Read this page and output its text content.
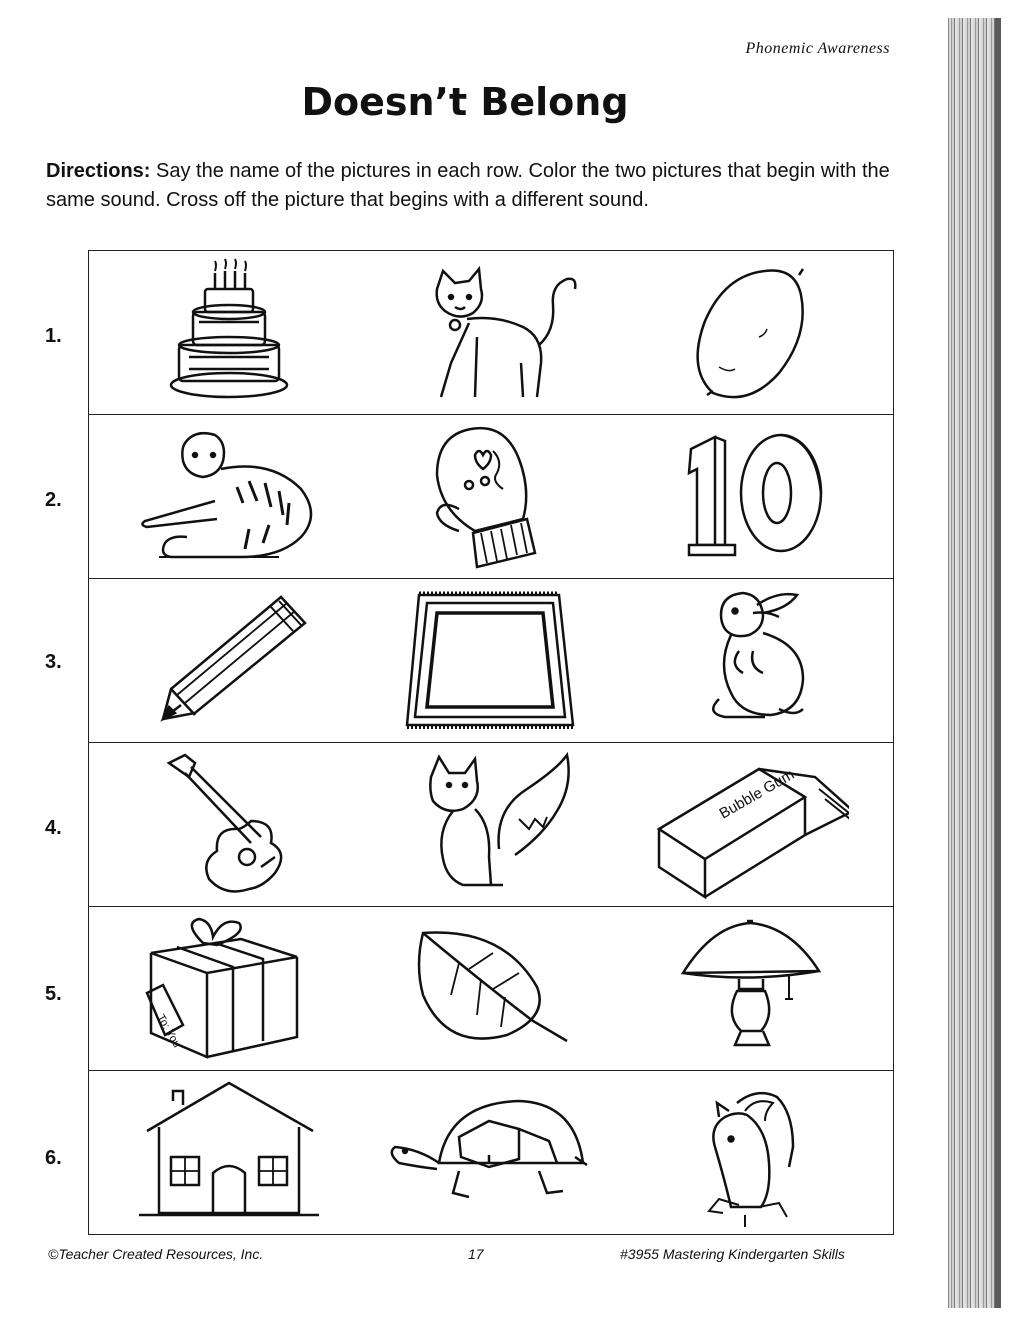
Phonemic Awareness
Doesn’t Belong
Directions: Say the name of the pictures in each row. Color the two pictures that begin with the same sound. Cross off the picture that begins with a different sound.
1.
2.
3.
4.
Bubble Gum
5.
To: You
6.
©Teacher Created Resources, Inc.	17	#3955 Mastering Kindergarten Skills
